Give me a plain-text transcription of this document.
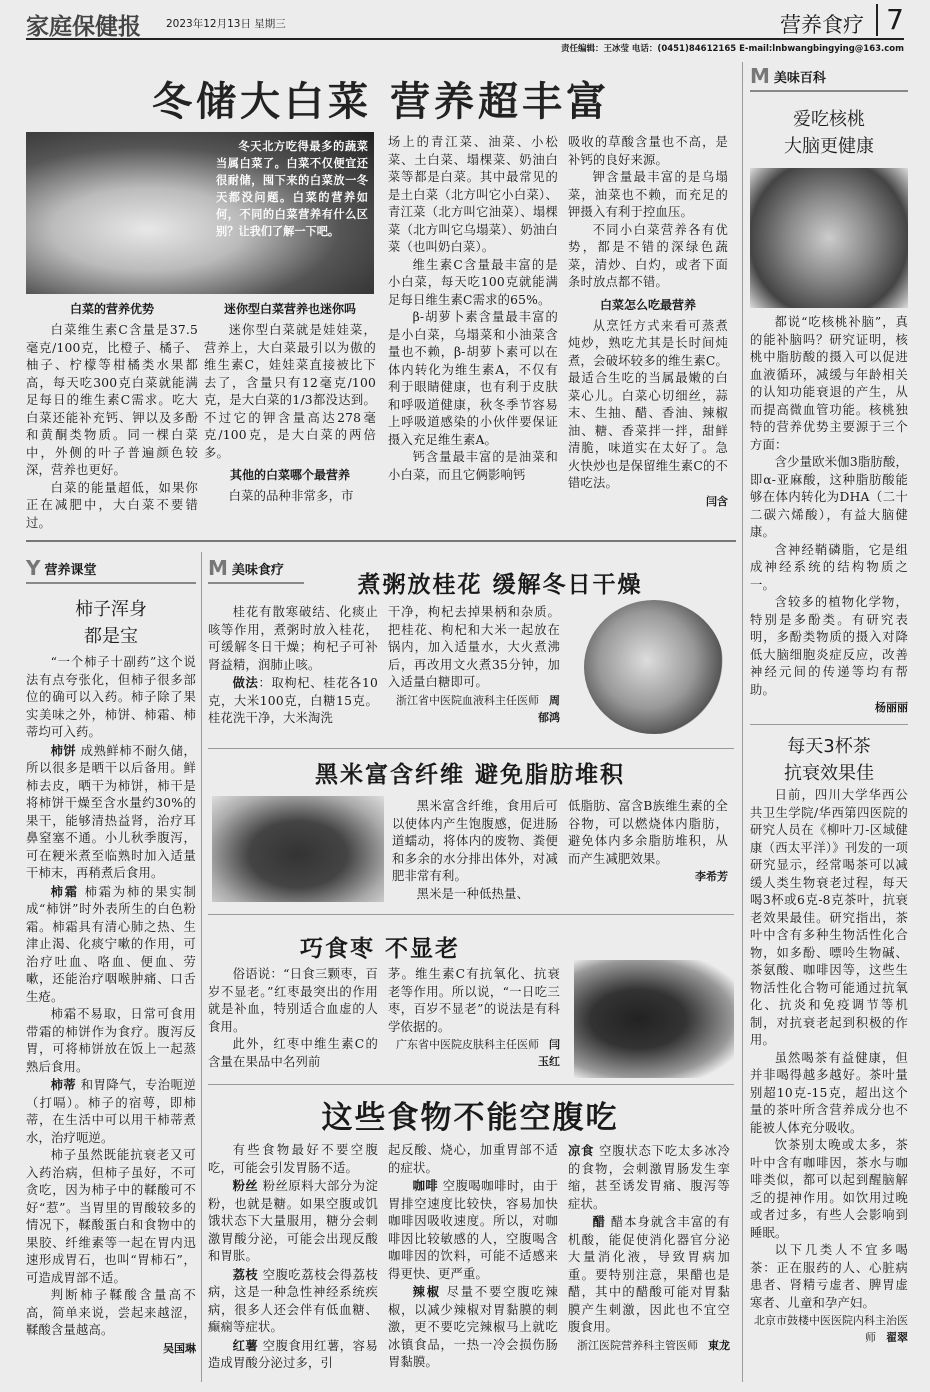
家庭保健报 2023年12月13日 星期三	营养食疗 7
责任编辑：王冰莹 电话：(0451)84612165 E-mail:lnbwangbingying@163.com
冬储大白菜 营养超丰富
冬天北方吃得最多的蔬菜当属白菜了。白菜不仅便宜还很耐储，囤下来的白菜放一冬天都没问题。白菜的营养如何，不同的白菜营养有什么区别？让我们了解一下吧。
白菜的营养优势

白菜维生素C含量是37.5毫克/100克，比橙子、橘子、柚子、柠檬等柑橘类水果都高，每天吃300克白菜就能满足每日的维生素C需求。吃大白菜还能补充钙、钾以及多酚和黄酮类物质。同一棵白菜中，外侧的叶子普遍颜色较深，营养也更好。

白菜的能量超低，如果你正在减肥中，大白菜不要错过。

迷你型白菜营养也迷你吗

迷你型白菜就是娃娃菜，营养上，大白菜最引以为傲的维生素C，娃娃菜直接被比下去了，含量只有12毫克/100克，是大白菜的1/3都没达到。不过它的钾含量高达278毫克/100克，是大白菜的两倍多。

其他的白菜哪个最营养

白菜的品种非常多，市

场上的青江菜、油菜、小松菜、土白菜、塌棵菜、奶油白菜等都是白菜。其中最常见的是土白菜（北方叫它小白菜）、青江菜（北方叫它油菜）、塌棵菜（北方叫它乌塌菜）、奶油白菜（也叫奶白菜）。

维生素C含量最丰富的是小白菜，每天吃100克就能满足每日维生素C需求的65%。

β-胡萝卜素含量最丰富的是小白菜，乌塌菜和小油菜含量也不赖，β-胡萝卜素可以在体内转化为维生素A，不仅有利于眼睛健康，也有利于皮肤和呼吸道健康，秋冬季节容易上呼吸道感染的小伙伴要保证摄入充足维生素A。

钙含量最丰富的是油菜和小白菜，而且它俩影响钙

吸收的草酸含量也不高，是补钙的良好来源。

钾含量最丰富的是乌塌菜，油菜也不赖，而充足的钾摄入有利于控血压。

不同小白菜营养各有优势，都是不错的深绿色蔬菜，清炒、白灼，或者下面条时放点都不错。

白菜怎么吃最营养

从烹饪方式来看可蒸煮炖炒，熟吃尤其是长时间炖煮，会破坏较多的维生素C。最适合生吃的当属最嫩的白菜心儿。白菜心切细丝，蒜末、生抽、醋、香油、辣椒油、糖、香菜拌一拌，甜鲜清脆，味道实在太好了。急火快炒也是保留维生素C的不错吃法。

闫含
M 美味百科
爱吃核桃
大脑更健康

都说“吃核桃补脑”，真的能补脑吗？研究证明，核桃中脂肪酸的摄入可以促进血液循环，减缓与年龄相关的认知功能衰退的产生，从而提高微血管功能。核桃独特的营养优势主要源于三个方面：

含少量欧米伽3脂肪酸，即α-亚麻酸，这种脂肪酸能够在体内转化为DHA（二十二碳六烯酸），有益大脑健康。

含神经鞘磷脂，它是组成神经系统的结构物质之一。

含较多的植物化学物，特别是多酚类。有研究表明，多酚类物质的摄入对降低大脑细胞炎症反应，改善神经元间的传递等均有帮助。

杨丽丽
每天3杯茶
抗衰效果佳

日前，四川大学华西公共卫生学院/华西第四医院的研究人员在《柳叶刀-区域健康（西太平洋）》刊发的一项研究显示，经常喝茶可以减缓人类生物衰老过程，每天喝3杯或6克-8克茶叶，抗衰老效果最佳。研究指出，茶叶中含有多种生物活性化合物，如多酚、嘌呤生物碱、茶氨酸、咖啡因等，这些生物活性化合物可能通过抗氧化、抗炎和免疫调节等机制，对抗衰老起到积极的作用。

虽然喝茶有益健康，但并非喝得越多越好。茶叶量别超10克-15克，超出这个量的茶叶所含营养成分也不能被人体充分吸收。

饮茶别太晚或太多，茶叶中含有咖啡因，茶水与咖啡类似，都可以起到醒脑解乏的提神作用。如饮用过晚或者过多，有些人会影响到睡眠。

以下几类人不宜多喝茶：正在服药的人、心脏病患者、肾精亏虚者、脾胃虚寒者、儿童和孕产妇。

北京市鼓楼中医医院内科主治医师 翟翠
Y 营养课堂
柿子浑身
都是宝

“一个柿子十副药”这个说法有点夸张化，但柿子很多部位的确可以入药。柿子除了果实美味之外，柿饼、柿霜、柿蒂均可入药。

柿饼 成熟鲜柿不耐久储，所以很多是晒干以后备用。鲜柿去皮，晒干为柿饼，柿干是将柿饼干燥至含水量约30%的果干，能够清热益肾，治疗耳鼻窒塞不通。小儿秋季腹泻，可在粳米煮至临熟时加入适量干柿末，再稍煮后食用。

柿霜 柿霜为柿的果实制成“柿饼”时外表所生的白色粉霜。柿霜具有清心肺之热、生津止渴、化痰宁嗽的作用，可治疗吐血、咯血、便血、劳嗽，还能治疗咽喉肿痛、口舌生疮。

柿霜不易取，日常可食用带霜的柿饼作为食疗。腹泻反胃，可将柿饼放在饭上一起蒸熟后食用。

柿蒂 和胃降气，专治呃逆（打嗝）。柿子的宿萼，即柿蒂，在生活中可以用干柿蒂煮水，治疗呃逆。

柿子虽然既能抗衰老又可入药治病，但柿子虽好，不可贪吃，因为柿子中的鞣酸可不好“惹”。当胃里的胃酸较多的情况下，鞣酸蛋白和食物中的果胶、纤维素等一起在胃内迅速形成胃石，也叫“胃柿石”，可造成胃部不适。

判断柿子鞣酸含量高不高，简单来说，尝起来越涩，鞣酸含量越高。

吴国琳
M 美味食疗
煮粥放桂花 缓解冬日干燥

桂花有散寒破结、化痰止咳等作用，煮粥时放入桂花，可缓解冬日干燥；枸杞子可补肾益精，润肺止咳。

做法：取枸杞、桂花各10克，大米100克，白糖15克。桂花洗干净，大米淘洗

干净，枸杞去掉果柄和杂质。把桂花、枸杞和大米一起放在锅内，加入适量水，大火煮沸后，再改用文火煮35分钟，加入适量白糖即可。

浙江省中医院血液科主任医师 周郁鸿
黑米富含纤维 避免脂肪堆积

黑米富含纤维，食用后可以使体内产生饱腹感，促进肠道蠕动，将体内的废物、粪便和多余的水分排出体外，对减肥非常有利。

黑米是一种低热量、

低脂肪、富含B族维生素的全谷物，可以燃烧体内脂肪，避免体内多余脂肪堆积，从而产生减肥效果。

李希芳
巧食枣 不显老

俗语说：“日食三颗枣，百岁不显老。”红枣最突出的作用就是补血，特别适合血虚的人食用。

此外，红枣中维生素C的含量在果品中名列前

茅。维生素C有抗氧化、抗衰老等作用。所以说，“一日吃三枣，百岁不显老”的说法是有科学依据的。

广东省中医院皮肤科主任医师 闫玉红
这些食物不能空腹吃

有些食物最好不要空腹吃，可能会引发胃肠不适。

粉丝 粉丝原料大部分为淀粉，也就是糖。如果空腹或饥饿状态下大量服用，糖分会刺激胃酸分泌，可能会出现反酸和胃胀。

荔枝 空腹吃荔枝会得荔枝病，这是一种急性神经系统疾病，很多人还会伴有低血糖、癫痫等症状。

红薯 空腹食用红薯，容易造成胃酸分泌过多，引

起反酸、烧心，加重胃部不适的症状。

咖啡 空腹喝咖啡时，由于胃排空速度比较快，容易加快咖啡因吸收速度。所以，对咖啡因比较敏感的人，空腹喝含咖啡因的饮料，可能不适感来得更快、更严重。

辣椒 尽量不要空腹吃辣椒，以减少辣椒对胃黏膜的刺激，更不要吃完辣椒马上就吃冰镇食品，一热一冷会损伤肠胃黏膜。

凉食 空腹状态下吃太多冰冷的食物，会刺激胃肠发生挛缩，甚至诱发胃痛、腹泻等症状。

醋 醋本身就含丰富的有机酸，能促使消化器官分泌大量消化液，导致胃病加重。要特别注意，果醋也是醋，其中的醋酸可能对胃黏膜产生刺激，因此也不宜空腹食用。

浙江医院营养科主管医师 東龙
